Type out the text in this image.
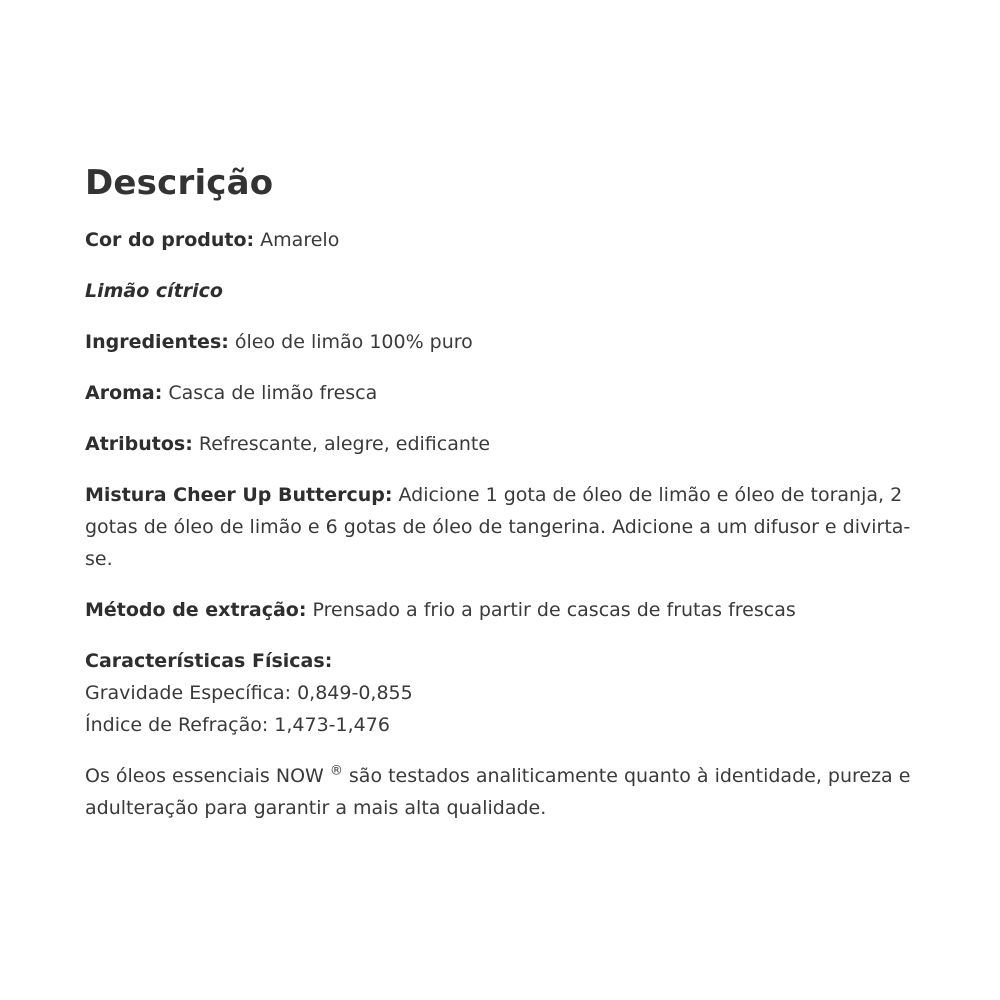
Descrição

Cor do produto: Amarelo

Limão cítrico

Ingredientes: óleo de limão 100% puro

Aroma: Casca de limão fresca

Atributos: Refrescante, alegre, edificante

Mistura Cheer Up Buttercup: Adicione 1 gota de óleo de limão e óleo de toranja, 2 gotas de óleo de limão e 6 gotas de óleo de tangerina. Adicione a um difusor e divirta-se.

Método de extração: Prensado a frio a partir de cascas de frutas frescas

Características Físicas:
Gravidade Específica: 0,849-0,855
Índice de Refração: 1,473-1,476

Os óleos essenciais NOW ® são testados analiticamente quanto à identidade, pureza e adulteração para garantir a mais alta qualidade.
